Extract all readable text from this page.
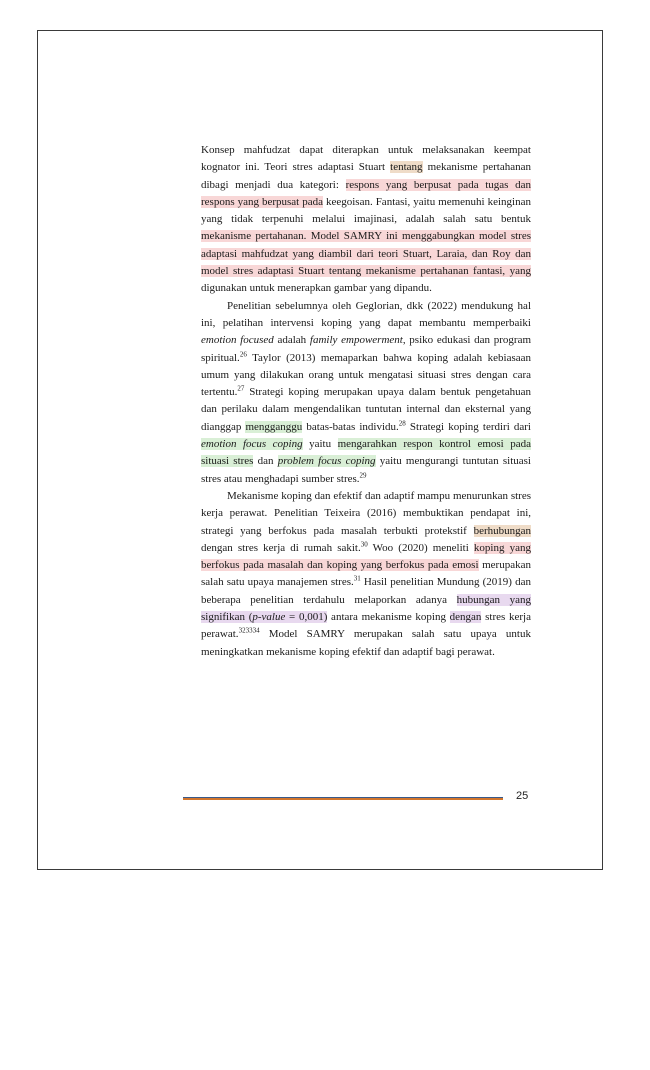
Konsep mahfudzat dapat diterapkan untuk melaksanakan keempat kognator ini. Teori stres adaptasi Stuart tentang mekanisme pertahanan dibagi menjadi dua kategori: respons yang berpusat pada tugas dan respons yang berpusat pada keegoisan. Fantasi, yaitu memenuhi keinginan yang tidak terpenuhi melalui imajinasi, adalah salah satu bentuk mekanisme pertahanan. Model SAMRY ini menggabungkan model stres adaptasi mahfudzat yang diambil dari teori Stuart, Laraia, dan Roy dan model stres adaptasi Stuart tentang mekanisme pertahanan fantasi, yang digunakan untuk menerapkan gambar yang dipandu.

Penelitian sebelumnya oleh Geglorian, dkk (2022) mendukung hal ini, pelatihan intervensi koping yang dapat membantu memperbaiki emotion focused adalah family empowerment, psiko edukasi dan program spiritual.$^{26}$ Taylor (2013) memaparkan bahwa koping adalah kebiasaan umum yang dilakukan orang untuk mengatasi situasi stres dengan cara tertentu.$^{27}$ Strategi koping merupakan upaya dalam bentuk pengetahuan dan perilaku dalam mengendalikan tuntutan internal dan eksternal yang dianggap mengganggu batas-batas individu.$^{28}$ Strategi koping terdiri dari emotion focus coping yaitu mengarahkan respon kontrol emosi pada situasi stres dan problem focus coping yaitu mengurangi tuntutan situasi stres atau menghadapi sumber stres.$^{29}$

Mekanisme koping dan efektif dan adaptif mampu menurunkan stres kerja perawat. Penelitian Teixeira (2016) membuktikan pendapat ini, strategi yang berfokus pada masalah terbukti protekstif berhubungan dengan stres kerja di rumah sakit.$^{30}$ Woo (2020) meneliti koping yang berfokus pada masalah dan koping yang berfokus pada emosi merupakan salah satu upaya manajemen stres.$^{31}$ Hasil penelitian Mundung (2019) dan beberapa penelitian terdahulu melaporkan adanya hubungan yang signifikan (p-value = 0,001) antara mekanisme koping dengan stres kerja perawat.$^{323334}$ Model SAMRY merupakan salah satu upaya untuk meningkatkan mekanisme koping efektif dan adaptif bagi perawat.

25
